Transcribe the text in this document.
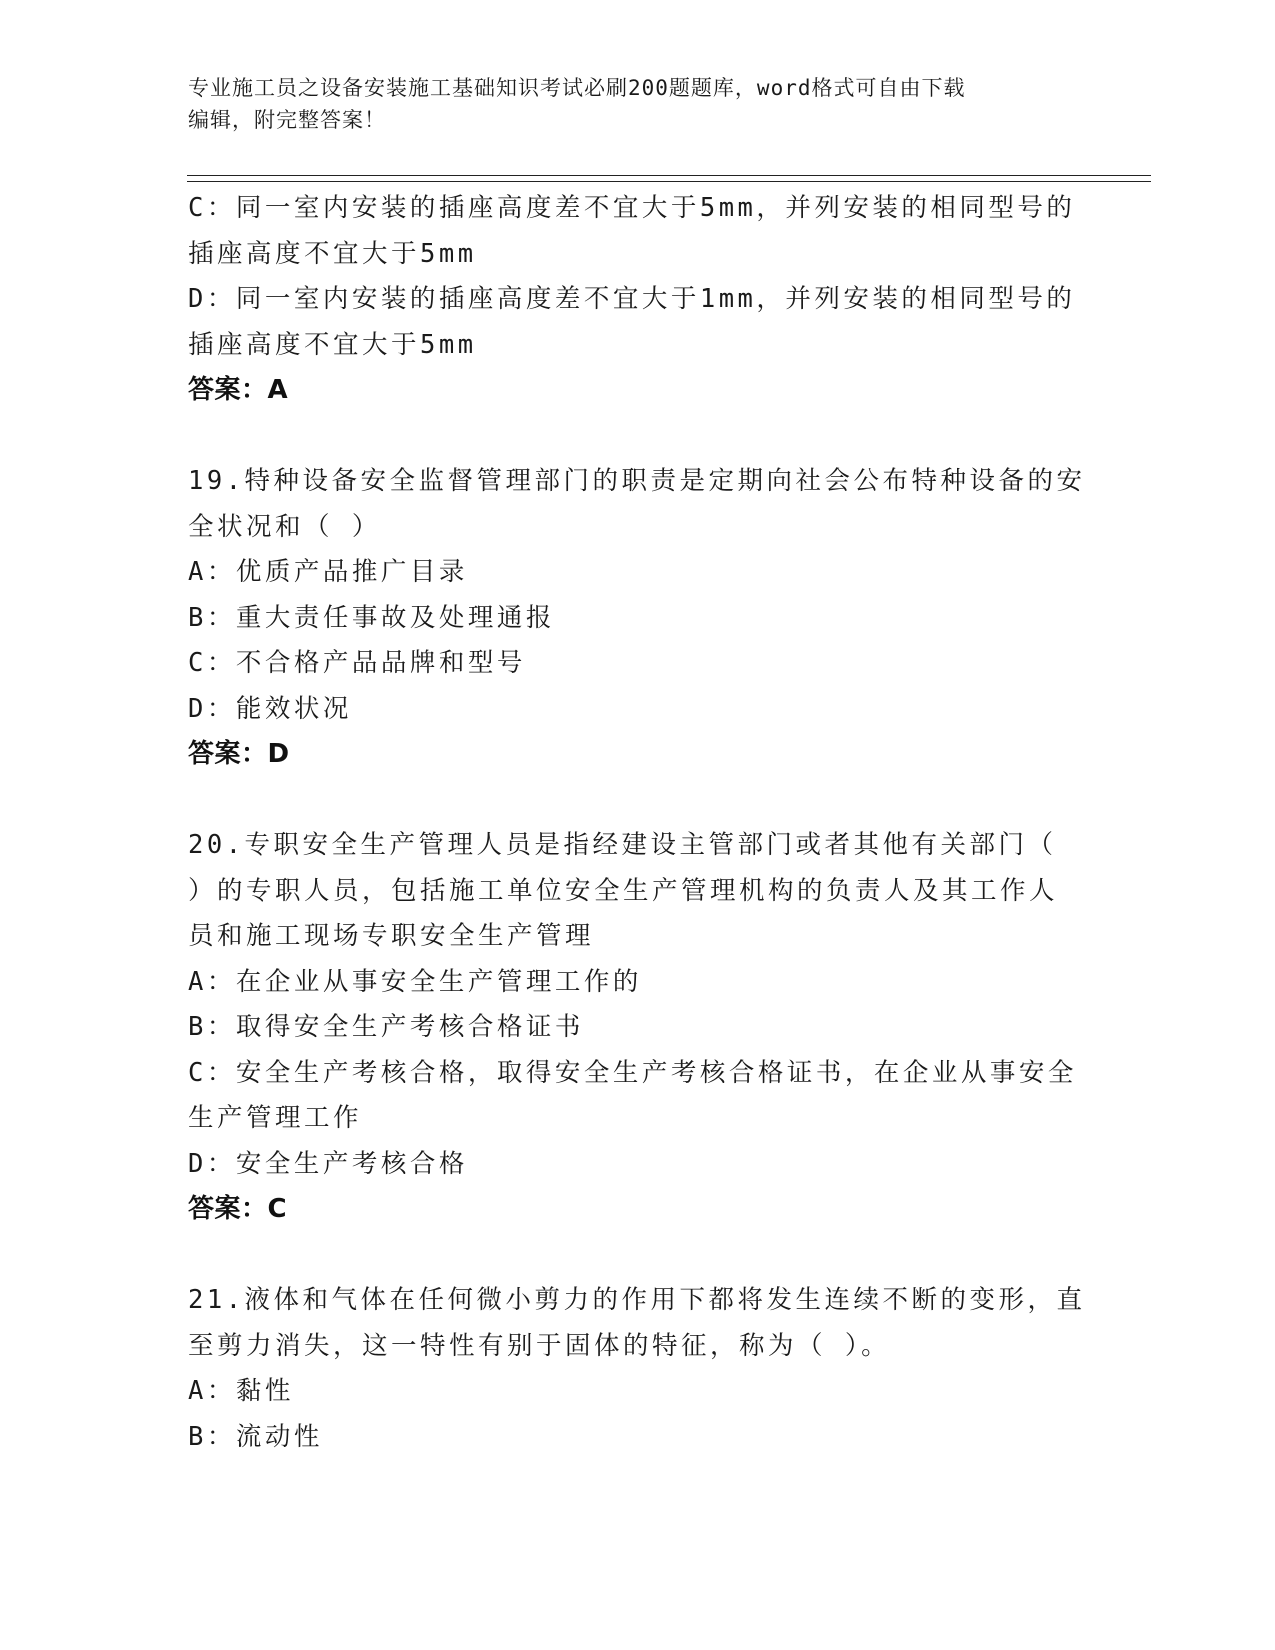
专业施工员之设备安装施工基础知识考试必刷200题题库，word格式可自由下载
编辑，附完整答案！
C：同一室内安装的插座高度差不宜大于5mm，并列安装的相同型号的
插座高度不宜大于5mm
D：同一室内安装的插座高度差不宜大于1mm，并列安装的相同型号的
插座高度不宜大于5mm
答案：A
19.特种设备安全监督管理部门的职责是定期向社会公布特种设备的安
全状况和（ ）
A：优质产品推广目录
B：重大责任事故及处理通报
C：不合格产品品牌和型号
D：能效状况
答案：D
20.专职安全生产管理人员是指经建设主管部门或者其他有关部门（
）的专职人员，包括施工单位安全生产管理机构的负责人及其工作人
员和施工现场专职安全生产管理
A：在企业从事安全生产管理工作的
B：取得安全生产考核合格证书
C：安全生产考核合格，取得安全生产考核合格证书，在企业从事安全
生产管理工作
D：安全生产考核合格
答案：C
21.液体和气体在任何微小剪力的作用下都将发生连续不断的变形，直
至剪力消失，这一特性有别于固体的特征，称为（ ）。
A：黏性
B：流动性
